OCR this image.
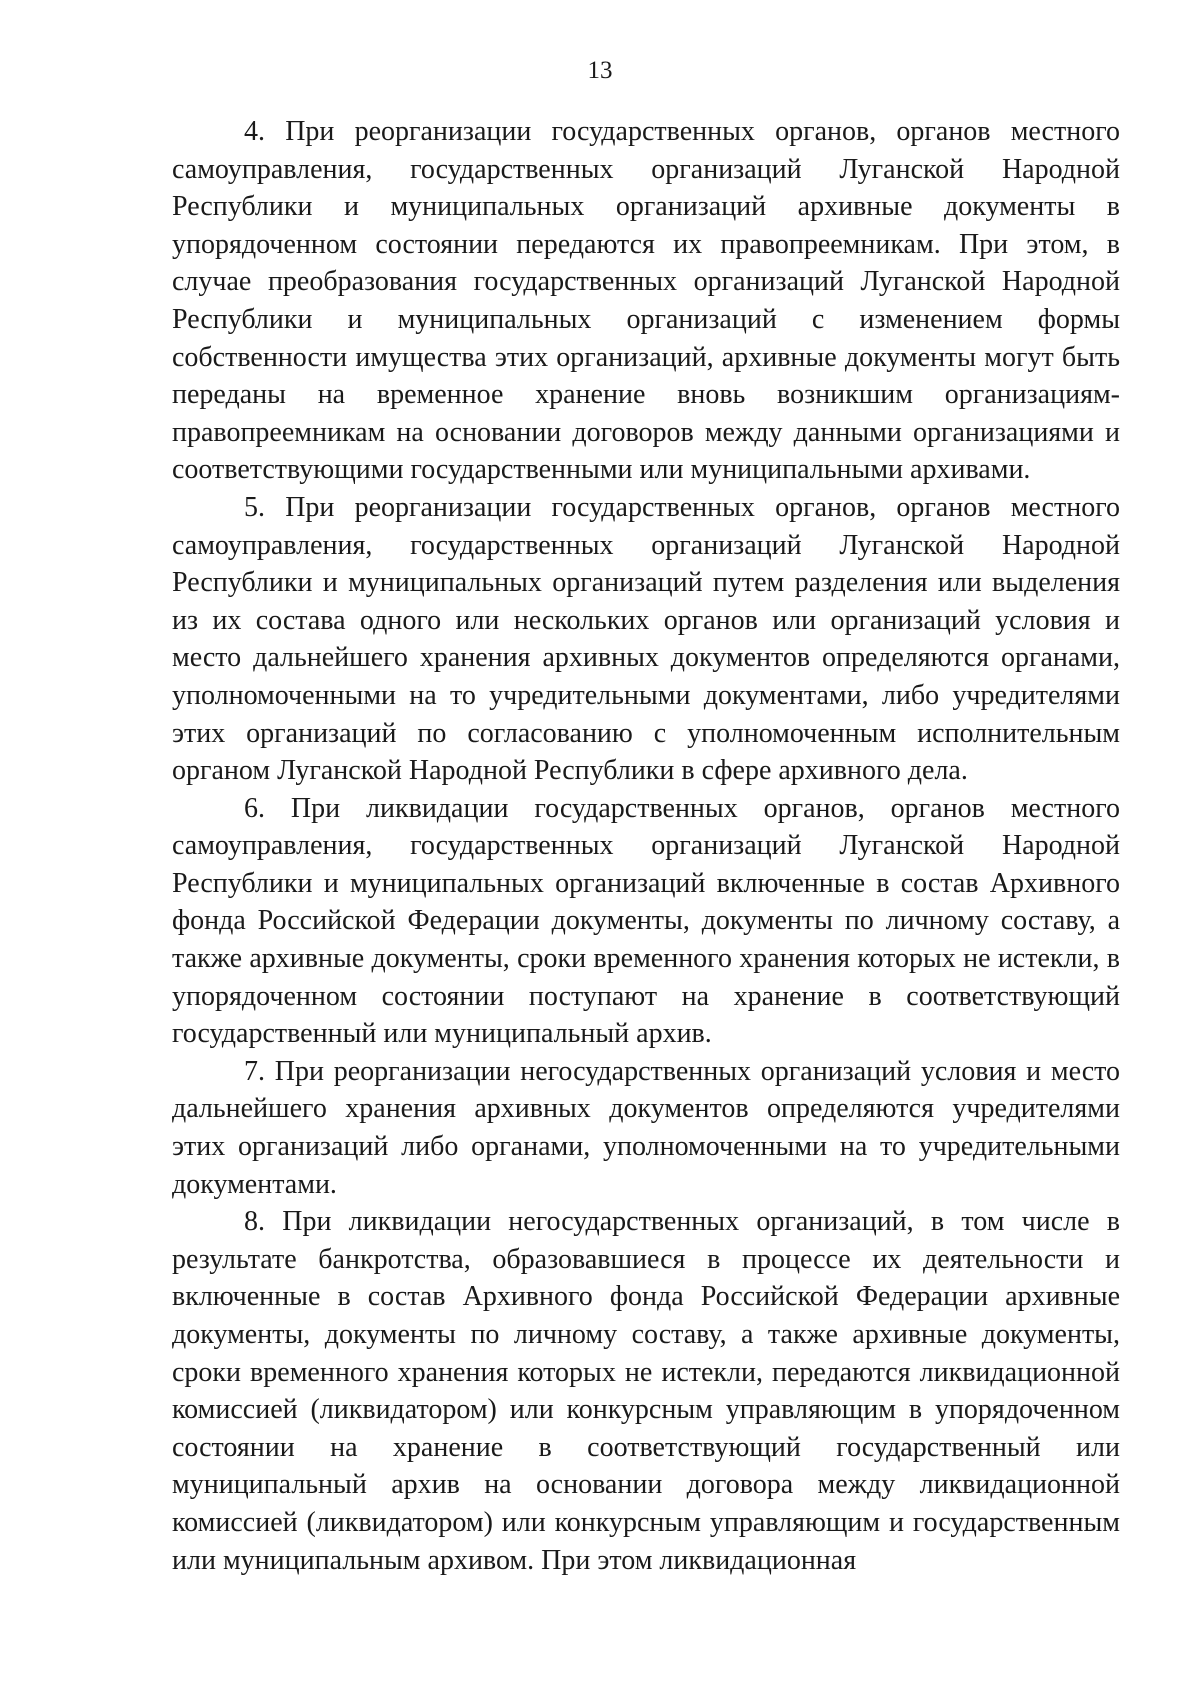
13

4. При реорганизации государственных органов, органов местного самоуправления, государственных организаций Луганской Народной Республики и муниципальных организаций архивные документы в упорядоченном состоянии передаются их правопреемникам. При этом, в случае преобразования государственных организаций Луганской Народной Республики и муниципальных организаций с изменением формы собственности имущества этих организаций, архивные документы могут быть переданы на временное хранение вновь возникшим организациям-правопреемникам на основании договоров между данными организациями и соответствующими государственными или муниципальными архивами.

5. При реорганизации государственных органов, органов местного самоуправления, государственных организаций Луганской Народной Республики и муниципальных организаций путем разделения или выделения из их состава одного или нескольких органов или организаций условия и место дальнейшего хранения архивных документов определяются органами, уполномоченными на то учредительными документами, либо учредителями этих организаций по согласованию с уполномоченным исполнительным органом Луганской Народной Республики в сфере архивного дела.

6. При ликвидации государственных органов, органов местного самоуправления, государственных организаций Луганской Народной Республики и муниципальных организаций включенные в состав Архивного фонда Российской Федерации документы, документы по личному составу, а также архивные документы, сроки временного хранения которых не истекли, в упорядоченном состоянии поступают на хранение в соответствующий государственный или муниципальный архив.

7. При реорганизации негосударственных организаций условия и место дальнейшего хранения архивных документов определяются учредителями этих организаций либо органами, уполномоченными на то учредительными документами.

8. При ликвидации негосударственных организаций, в том числе в результате банкротства, образовавшиеся в процессе их деятельности и включенные в состав Архивного фонда Российской Федерации архивные документы, документы по личному составу, а также архивные документы, сроки временного хранения которых не истекли, передаются ликвидационной комиссией (ликвидатором) или конкурсным управляющим в упорядоченном состоянии на хранение в соответствующий государственный или муниципальный архив на основании договора между ликвидационной комиссией (ликвидатором) или конкурсным управляющим и государственным или муниципальным архивом. При этом ликвидационная
